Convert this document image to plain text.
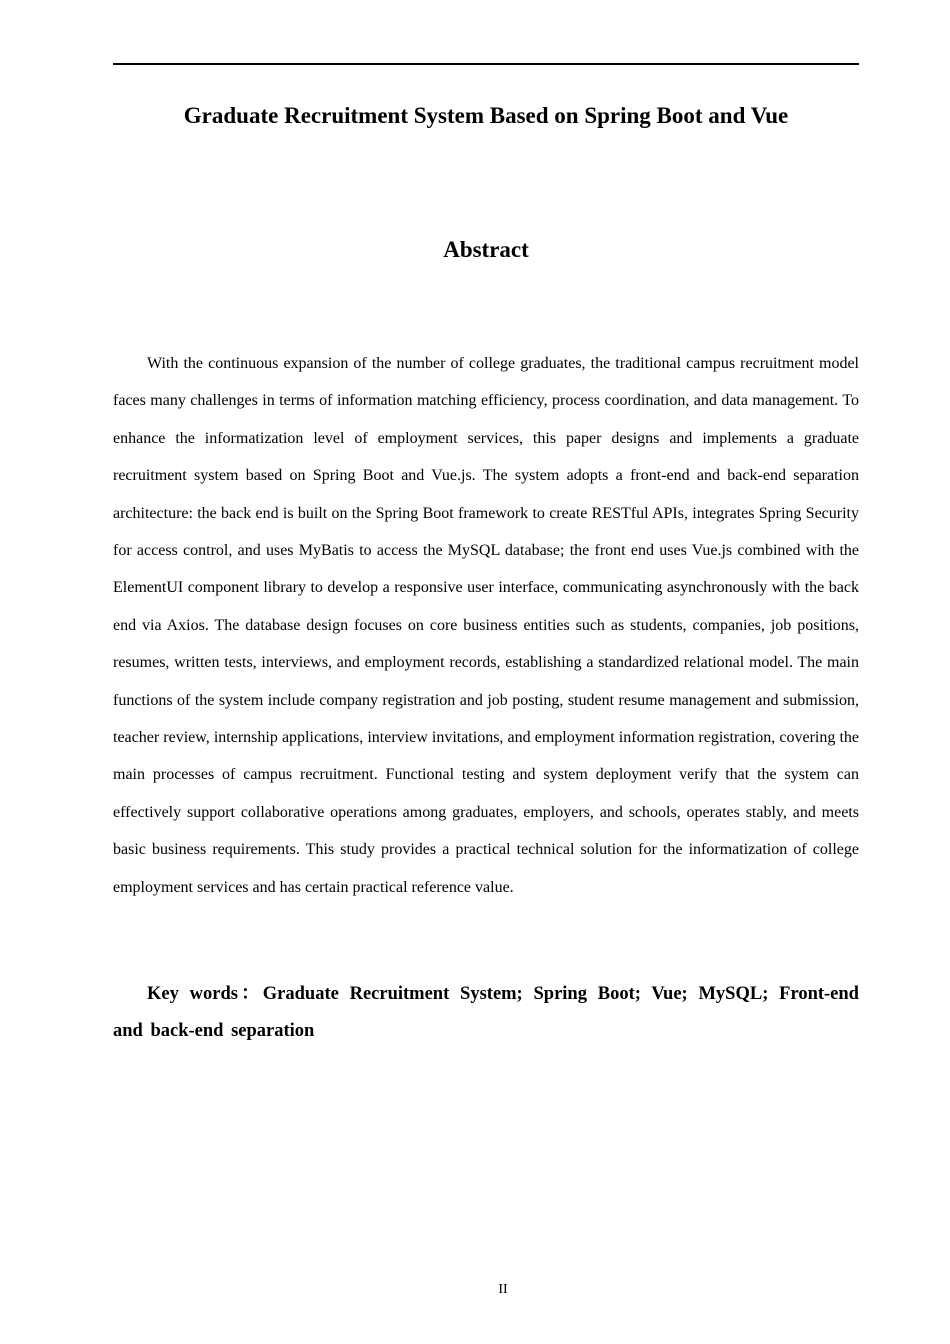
Graduate Recruitment System Based on Spring Boot and Vue
Abstract

With the continuous expansion of the number of college graduates, the traditional campus recruitment model faces many challenges in terms of information matching efficiency, process coordination, and data management. To enhance the informatization level of employment services, this paper designs and implements a graduate recruitment system based on Spring Boot and Vue.js. The system adopts a front-end and back-end separation architecture: the back end is built on the Spring Boot framework to create RESTful APIs, integrates Spring Security for access control, and uses MyBatis to access the MySQL database; the front end uses Vue.js combined with the ElementUI component library to develop a responsive user interface, communicating asynchronously with the back end via Axios. The database design focuses on core business entities such as students, companies, job positions, resumes, written tests, interviews, and employment records, establishing a standardized relational model. The main functions of the system include company registration and job posting, student resume management and submission, teacher review, internship applications, interview invitations, and employment information registration, covering the main processes of campus recruitment. Functional testing and system deployment verify that the system can effectively support collaborative operations among graduates, employers, and schools, operates stably, and meets basic business requirements. This study provides a practical technical solution for the informatization of college employment services and has certain practical reference value.

Key words：Graduate Recruitment System; Spring Boot; Vue; MySQL; Front-end and back-end separation

II
